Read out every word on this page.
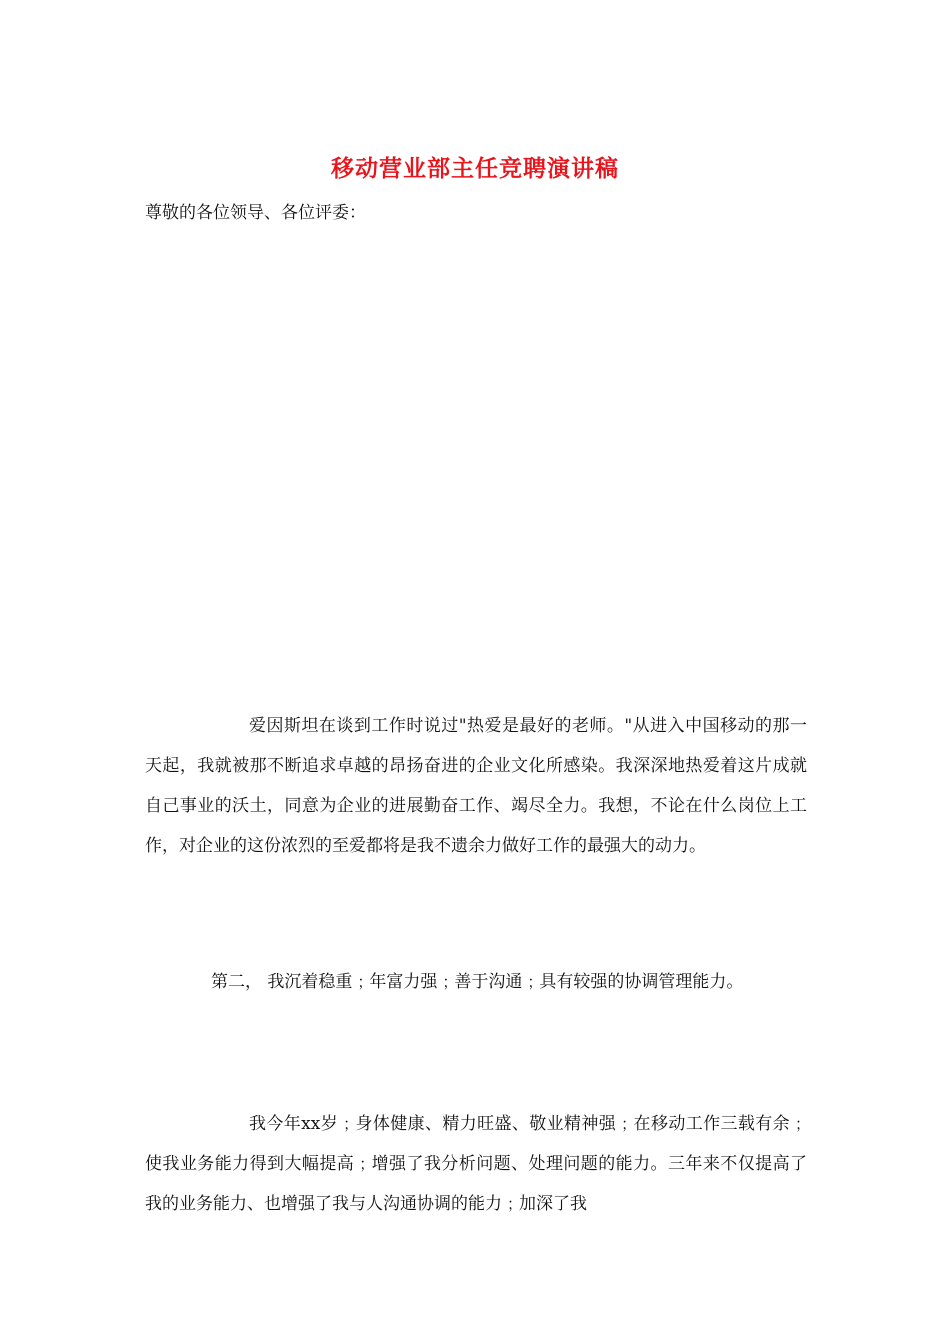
移动营业部主任竞聘演讲稿

尊敬的各位领导、各位评委：

爱因斯坦在谈到工作时说过"热爱是最好的老师。"从进入中国移动的那一天起，我就被那不断追求卓越的昂扬奋进的企业文化所感染。我深深地热爱着这片成就自己事业的沃土，同意为企业的进展勤奋工作、竭尽全力。我想，不论在什么岗位上工作，对企业的这份浓烈的至爱都将是我不遗余力做好工作的最强大的动力。

第二， 我沉着稳重﹔年富力强﹔善于沟通﹔具有较强的协调管理能力。

我今年xx岁﹔身体健康、精力旺盛、敬业精神强﹔在移动工作三载有余﹔使我业务能力得到大幅提高﹔增强了我分析问题、处理问题的能力。三年来不仅提高了我的业务能力、也增强了我与人沟通协调的能力﹔加深了我
